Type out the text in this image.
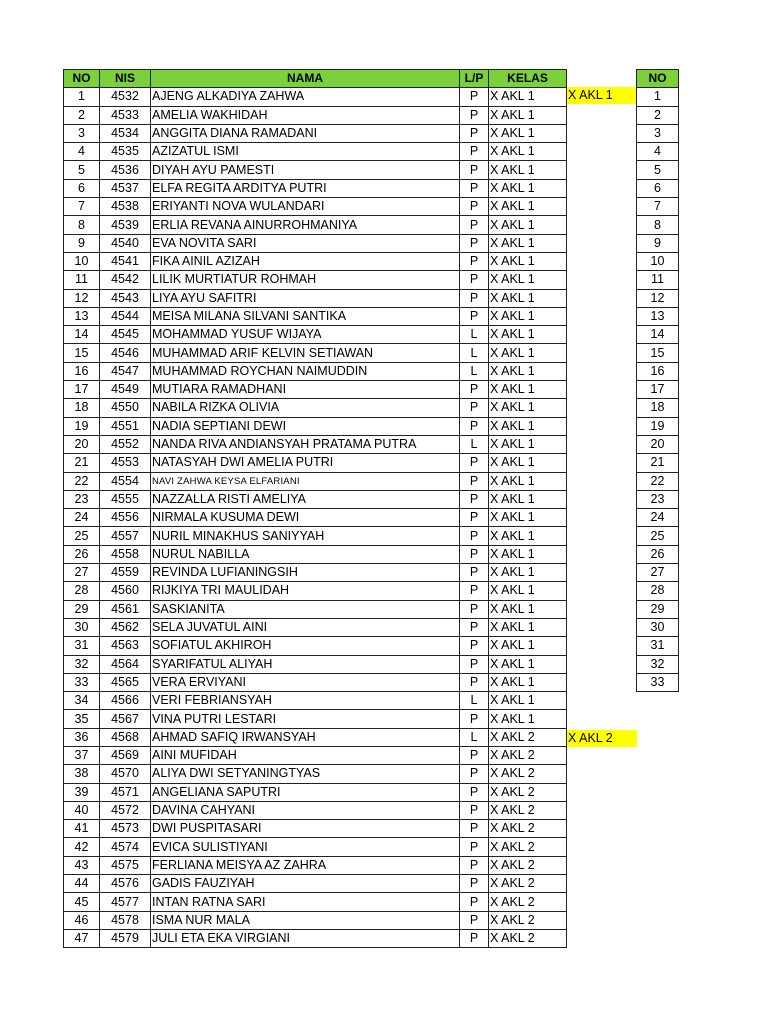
NO	NIS	NAMA	L/P	KELAS
1	4532	AJENG ALKADIYA ZAHWA	P	X AKL 1
2	4533	AMELIA WAKHIDAH	P	X AKL 1
3	4534	ANGGITA DIANA RAMADANI	P	X AKL 1
4	4535	AZIZATUL ISMI	P	X AKL 1
5	4536	DIYAH AYU PAMESTI	P	X AKL 1
6	4537	ELFA REGITA ARDITYA PUTRI	P	X AKL 1
7	4538	ERIYANTI NOVA WULANDARI	P	X AKL 1
8	4539	ERLIA REVANA AINURROHMANIYA	P	X AKL 1
9	4540	EVA NOVITA SARI	P	X AKL 1
10	4541	FIKA AINIL AZIZAH	P	X AKL 1
11	4542	LILIK MURTIATUR ROHMAH	P	X AKL 1
12	4543	LIYA AYU SAFITRI	P	X AKL 1
13	4544	MEISA MILANA SILVANI SANTIKA	P	X AKL 1
14	4545	MOHAMMAD YUSUF WIJAYA	L	X AKL 1
15	4546	MUHAMMAD ARIF KELVIN SETIAWAN	L	X AKL 1
16	4547	MUHAMMAD ROYCHAN NAIMUDDIN	L	X AKL 1
17	4549	MUTIARA RAMADHANI	P	X AKL 1
18	4550	NABILA RIZKA OLIVIA	P	X AKL 1
19	4551	NADIA SEPTIANI DEWI	P	X AKL 1
20	4552	NANDA RIVA ANDIANSYAH PRATAMA PUTRA	L	X AKL 1
21	4553	NATASYAH DWI AMELIA PUTRI	P	X AKL 1
22	4554	NAVI ZAHWA KEYSA ELFARIANI	P	X AKL 1
23	4555	NAZZALLA RISTI AMELIYA	P	X AKL 1
24	4556	NIRMALA KUSUMA DEWI	P	X AKL 1
25	4557	NURIL MINAKHUS SANIYYAH	P	X AKL 1
26	4558	NURUL NABILLA	P	X AKL 1
27	4559	REVINDA LUFIANINGSIH	P	X AKL 1
28	4560	RIJKIYA TRI MAULIDAH	P	X AKL 1
29	4561	SASKIANITA	P	X AKL 1
30	4562	SELA JUVATUL AINI	P	X AKL 1
31	4563	SOFIATUL AKHIROH	P	X AKL 1
32	4564	SYARIFATUL ALIYAH	P	X AKL 1
33	4565	VERA ERVIYANI	P	X AKL 1
34	4566	VERI FEBRIANSYAH	L	X AKL 1
35	4567	VINA PUTRI LESTARI	P	X AKL 1
36	4568	AHMAD SAFIQ IRWANSYAH	L	X AKL 2
37	4569	AINI MUFIDAH	P	X AKL 2
38	4570	ALIYA DWI SETYANINGTYAS	P	X AKL 2
39	4571	ANGELIANA SAPUTRI	P	X AKL 2
40	4572	DAVINA CAHYANI	P	X AKL 2
41	4573	DWI PUSPITASARI	P	X AKL 2
42	4574	EVICA SULISTIYANI	P	X AKL 2
43	4575	FERLIANA MEISYA AZ ZAHRA	P	X AKL 2
44	4576	GADIS FAUZIYAH	P	X AKL 2
45	4577	INTAN RATNA SARI	P	X AKL 2
46	4578	ISMA NUR MALA	P	X AKL 2
47	4579	JULI ETA EKA VIRGIANI	P	X AKL 2
X AKL 1
X AKL 2
NO
1
2
3
4
5
6
7
8
9
10
11
12
13
14
15
16
17
18
19
20
21
22
23
24
25
26
27
28
29
30
31
32
33
